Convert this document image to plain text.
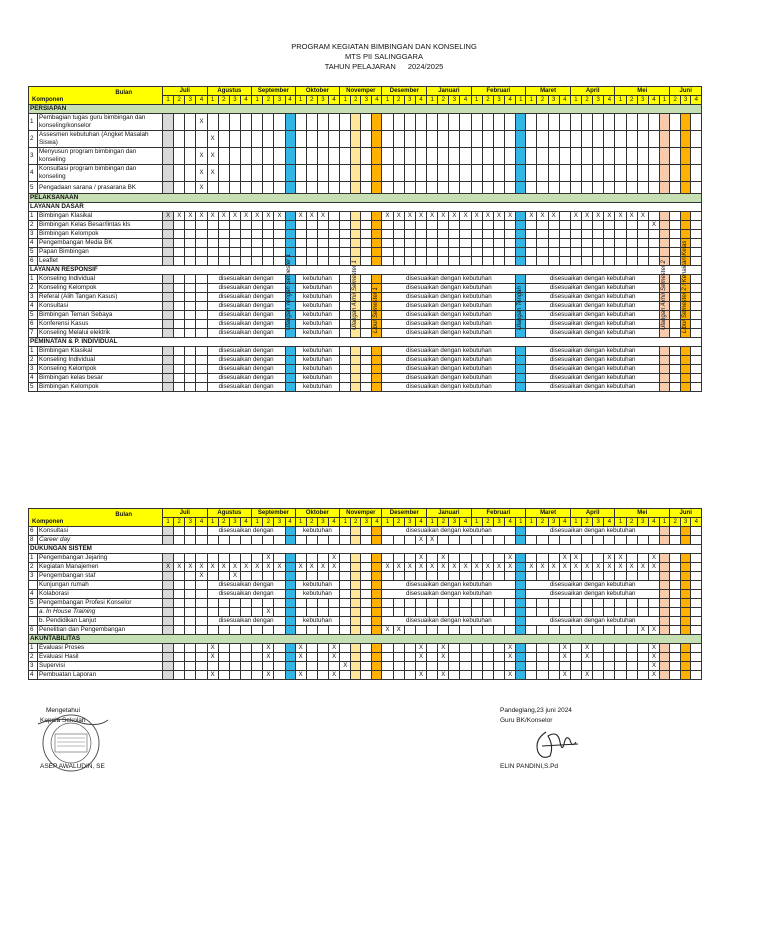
PROGRAM KEGIATAN BIMBINGAN DAN KONSELING
MTS PII SALINGGARA
TAHUN PELAJARAN 2024/2025
Bulan
Komponen		Juli				Agustus				September				Oktober				Novemper				Desember				Januari				Februari					Maret				April				Mei					Juni		
		1	2	3	4	1	2	3	4	1	2	3	4	1	2	3	4	1	2	3	4	1	2	3	4	1	2	3	4	1	2	3	4	1	1	2	3	4	1	2	3	4	1	2	3	4	1	2	3	4
PERSIAPAN																																																		
1	Pembagian tugas guru bimbingan dan konseling/konselor				X																																													
2	Assesmen kebutuhan (Angket Masalah Siswa)					X																																												
3	Menyusun program bimbingan dan konseling				X	X																																												
4	Konsultasi program bimbingan dan konseling				X	X																																												
5	Pengadaan sarana / prasarana BK				X																																													
PELAKSANAAN																																																		
LAYANAN DASAR																																																		
1	Bimbingan Klasikal	X	X	X	X	X	X	X	X	X	X	X		X	X	X						X	X	X	X	X	X	X	X	X	X	X	X		X	X	X		X	X	X	X	X	X	X					
2	Bimbingan Kelas Besar/lintas kls																																													X				
3	Bimbingan Kelompok																																																	
4	Pengembangan Media BK																																																	
5	Papan Bimbingan																																																	
6	Leaflet																																																	
LAYANAN RESPONSIF																																																		
1	Konseling Individual					disesuaikan dengan								kebutuhan								disesuaikan dengan kebutuhan													disesuaikan dengan kebutuhan															
2	Konseling Kelompok					disesuaikan dengan								kebutuhan								disesuaikan dengan kebutuhan													disesuaikan dengan kebutuhan															
3	Referal (Alih Tangan Kasus)					disesuaikan dengan								kebutuhan								disesuaikan dengan kebutuhan													disesuaikan dengan kebutuhan															
4	Konsultasi					disesuaikan dengan								kebutuhan								disesuaikan dengan kebutuhan													disesuaikan dengan kebutuhan															
5	Bimbingan Teman Sebaya					disesuaikan dengan								kebutuhan								disesuaikan dengan kebutuhan													disesuaikan dengan kebutuhan															
6	Konferensi Kasus					disesuaikan dengan								kebutuhan								disesuaikan dengan kebutuhan													disesuaikan dengan kebutuhan															
7	Konseling Melalui elektrik					disesuaikan dengan								kebutuhan								disesuaikan dengan kebutuhan													disesuaikan dengan kebutuhan															
PEMINATAN & P. INDIVIDUAL																																																		
1	Bimbingan Klasikal					disesuaikan dengan								kebutuhan								disesuaikan dengan kebutuhan													disesuaikan dengan kebutuhan															
2	Konseling Individual					disesuaikan dengan								kebutuhan								disesuaikan dengan kebutuhan													disesuaikan dengan kebutuhan															
3	Konseling Kelompok					disesuaikan dengan								kebutuhan								disesuaikan dengan kebutuhan													disesuaikan dengan kebutuhan															
4	Bimbingan kelas besar					disesuaikan dengan								kebutuhan								disesuaikan dengan kebutuhan													disesuaikan dengan kebutuhan															
5	Bimbingan Kelompok					disesuaikan dengan								kebutuhan								disesuaikan dengan kebutuhan													disesuaikan dengan kebutuhan															
Bulan
Komponen		Juli				Agustus				September				Oktober				Novemper				Desember				Januari				Februari					Maret				April				Mei					Juni		
		1	2	3	4	1	2	3	4	1	2	3	4	1	2	3	4	1	2	3	4	1	2	3	4	1	2	3	4	1	2	3	4	1	1	2	3	4	1	2	3	4	1	2	3	4	1	2	3	4
6	Konsultasi					disesuaikan dengan								kebutuhan								disesuaikan dengan kebutuhan													disesuaikan dengan kebutuhan															
8	Career day																								X	X																								
DUKUNGAN SISTEM																																																		
1	Pengembangan Jejaring										X						X								X		X						X					X	X			X	X			X				
2	Kegiatan Manajemen	X	X	X	X	X	X	X	X	X	X	X		X	X	X	X					X	X	X	X	X	X	X	X	X	X	X	X		X	X	X	X	X	X	X	X	X	X	X	X				
3	Pengembangan staf				X			X																																										
	Kunjungan rumah					disesuaikan dengan								kebutuhan								disesuaikan dengan kebutuhan													disesuaikan dengan kebutuhan															
4	Kolaborasi					disesuaikan dengan								kebutuhan								disesuaikan dengan kebutuhan													disesuaikan dengan kebutuhan															
5	Pengembangan Profesi Konselor																																																	
	a. In House Training										X																																							
	b. Pendidikan Lanjut					disesuaikan dengan								kebutuhan								disesuaikan dengan kebutuhan													disesuaikan dengan kebutuhan															
6	Penelitian dan Pengembangan																					X	X																						X	X				
AKUNTABILITAS																																																		
1	Evaluasi Proses					X					X			X			X								X		X						X					X		X						X				
2	Evaluasi Hasil					X					X			X			X								X		X						X					X		X						X				
3	Supervisi																	X																												X				
4	Pembuatan Laporan					X					X			X			X								X		X						X					X		X						X				
Mengetahui
Kepala Sekolah
ASEP AWALUDIN, SE
Pandeglang,23 juni 2024
Guru BK/Konselor
ELIN PANDINI,S.Pd
Ulangan Tengah Semester 1	Ulangan Akhir Semester 1	Libur Semester 1	Ulangan Tengah	Ulangan Akhir Semester 2	Libur Semester 2 / Kenaikan Kelas
